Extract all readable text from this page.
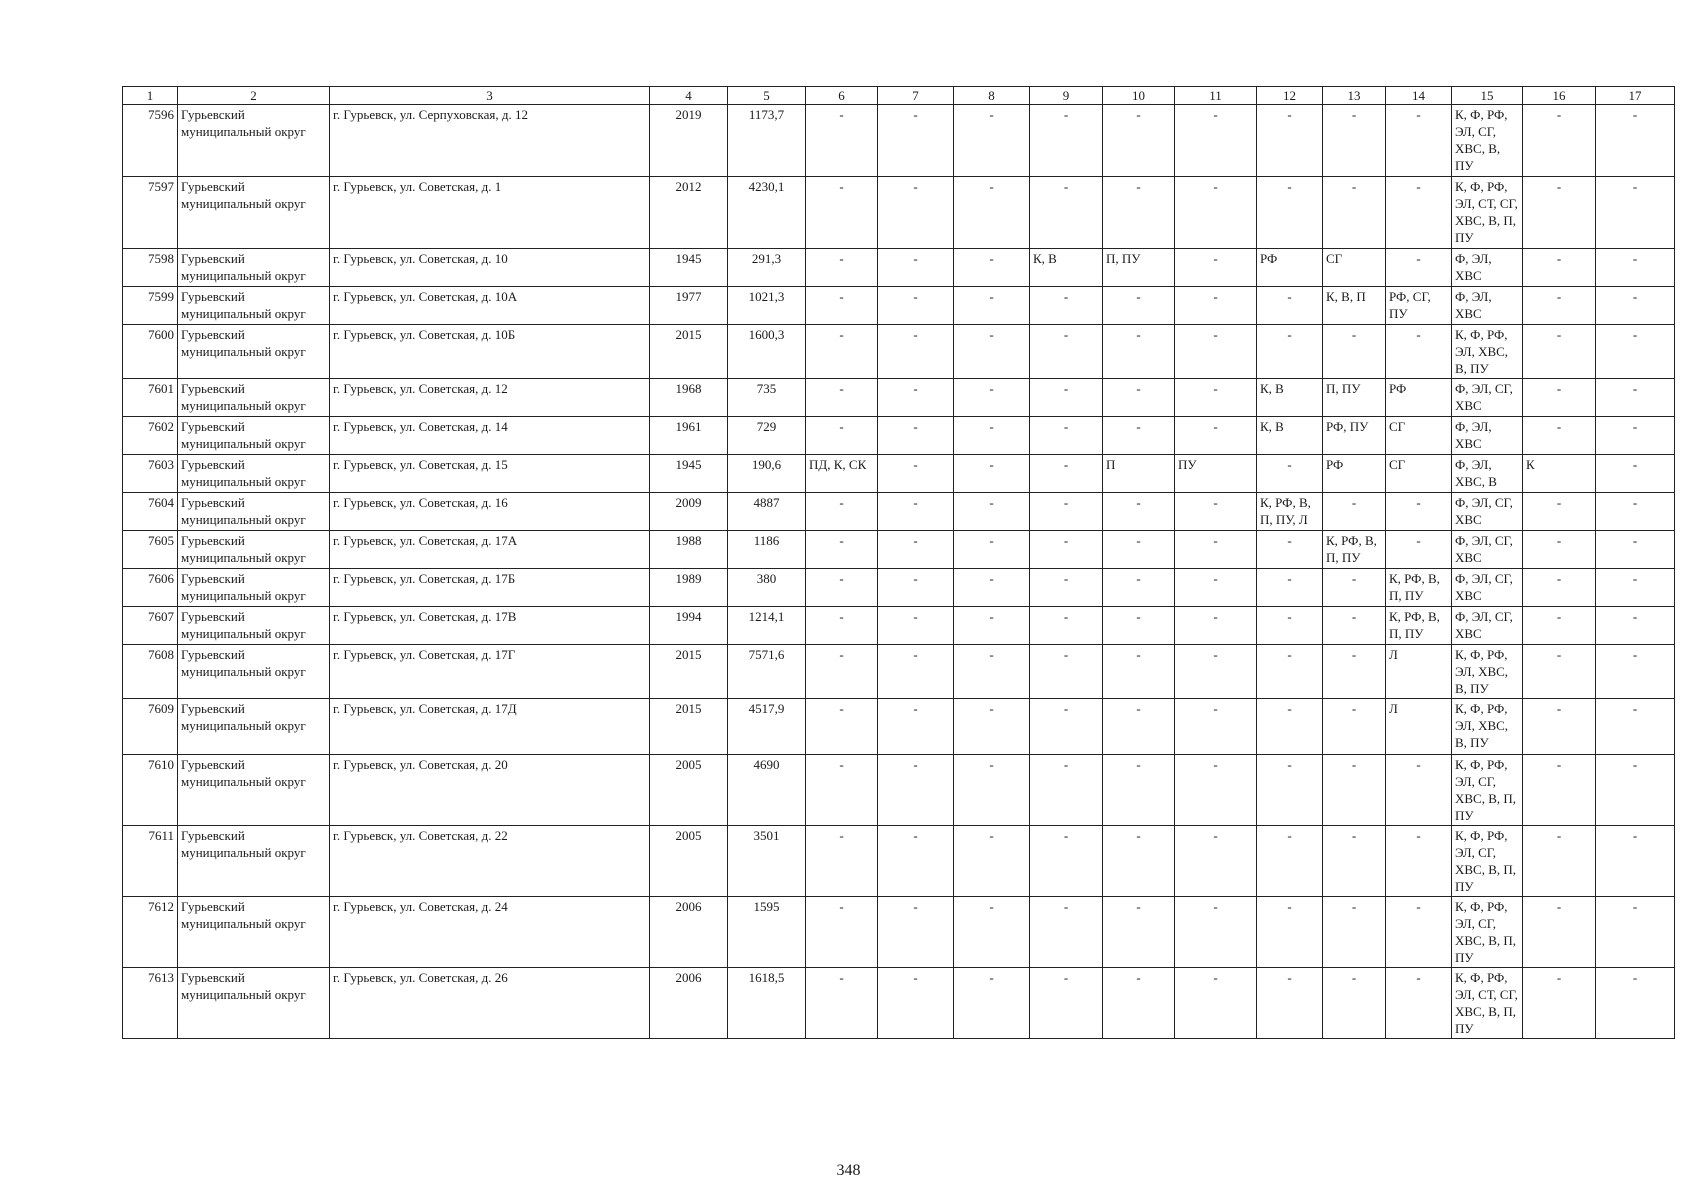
1	2	3	4	5	6	7	8	9	10	11	12	13	14	15	16	17
7596	Гурьевский муниципальный округ	г. Гурьевск, ул. Серпуховская, д. 12	2019	1173,7	-	-	-	-	-	-	-	-	-	К, Ф, РФ, ЭЛ, СГ, ХВС, В, ПУ	-	-
7597	Гурьевский муниципальный округ	г. Гурьевск, ул. Советская, д. 1	2012	4230,1	-	-	-	-	-	-	-	-	-	К, Ф, РФ, ЭЛ, СТ, СГ, ХВС, В, П, ПУ	-	-
7598	Гурьевский муниципальный округ	г. Гурьевск, ул. Советская, д. 10	1945	291,3	-	-	-	К, В	П, ПУ	-	РФ	СГ	-	Ф, ЭЛ, ХВС	-	-
7599	Гурьевский муниципальный округ	г. Гурьевск, ул. Советская, д. 10А	1977	1021,3	-	-	-	-	-	-	-	К, В, П	РФ, СГ, ПУ	Ф, ЭЛ, ХВС	-	-
7600	Гурьевский муниципальный округ	г. Гурьевск, ул. Советская, д. 10Б	2015	1600,3	-	-	-	-	-	-	-	-	-	К, Ф, РФ, ЭЛ, ХВС, В, ПУ	-	-
7601	Гурьевский муниципальный округ	г. Гурьевск, ул. Советская, д. 12	1968	735	-	-	-	-	-	-	К, В	П, ПУ	РФ	Ф, ЭЛ, СГ, ХВС	-	-
7602	Гурьевский муниципальный округ	г. Гурьевск, ул. Советская, д. 14	1961	729	-	-	-	-	-	-	К, В	РФ, ПУ	СГ	Ф, ЭЛ, ХВС	-	-
7603	Гурьевский муниципальный округ	г. Гурьевск, ул. Советская, д. 15	1945	190,6	ПД, К, СК	-	-	-	П	ПУ	-	РФ	СГ	Ф, ЭЛ, ХВС, В	К	-
7604	Гурьевский муниципальный округ	г. Гурьевск, ул. Советская, д. 16	2009	4887	-	-	-	-	-	-	К, РФ, В, П, ПУ, Л	-	-	Ф, ЭЛ, СГ, ХВС	-	-
7605	Гурьевский муниципальный округ	г. Гурьевск, ул. Советская, д. 17А	1988	1186	-	-	-	-	-	-	-	К, РФ, В, П, ПУ	-	Ф, ЭЛ, СГ, ХВС	-	-
7606	Гурьевский муниципальный округ	г. Гурьевск, ул. Советская, д. 17Б	1989	380	-	-	-	-	-	-	-	-	К, РФ, В, П, ПУ	Ф, ЭЛ, СГ, ХВС	-	-
7607	Гурьевский муниципальный округ	г. Гурьевск, ул. Советская, д. 17В	1994	1214,1	-	-	-	-	-	-	-	-	К, РФ, В, П, ПУ	Ф, ЭЛ, СГ, ХВС	-	-
7608	Гурьевский муниципальный округ	г. Гурьевск, ул. Советская, д. 17Г	2015	7571,6	-	-	-	-	-	-	-	-	Л	К, Ф, РФ, ЭЛ, ХВС, В, ПУ	-	-
7609	Гурьевский муниципальный округ	г. Гурьевск, ул. Советская, д. 17Д	2015	4517,9	-	-	-	-	-	-	-	-	Л	К, Ф, РФ, ЭЛ, ХВС, В, ПУ	-	-
7610	Гурьевский муниципальный округ	г. Гурьевск, ул. Советская, д. 20	2005	4690	-	-	-	-	-	-	-	-	-	К, Ф, РФ, ЭЛ, СГ, ХВС, В, П, ПУ	-	-
7611	Гурьевский муниципальный округ	г. Гурьевск, ул. Советская, д. 22	2005	3501	-	-	-	-	-	-	-	-	-	К, Ф, РФ, ЭЛ, СГ, ХВС, В, П, ПУ	-	-
7612	Гурьевский муниципальный округ	г. Гурьевск, ул. Советская, д. 24	2006	1595	-	-	-	-	-	-	-	-	-	К, Ф, РФ, ЭЛ, СГ, ХВС, В, П, ПУ	-	-
7613	Гурьевский муниципальный округ	г. Гурьевск, ул. Советская, д. 26	2006	1618,5	-	-	-	-	-	-	-	-	-	К, Ф, РФ, ЭЛ, СТ, СГ, ХВС, В, П, ПУ	-	-
348
